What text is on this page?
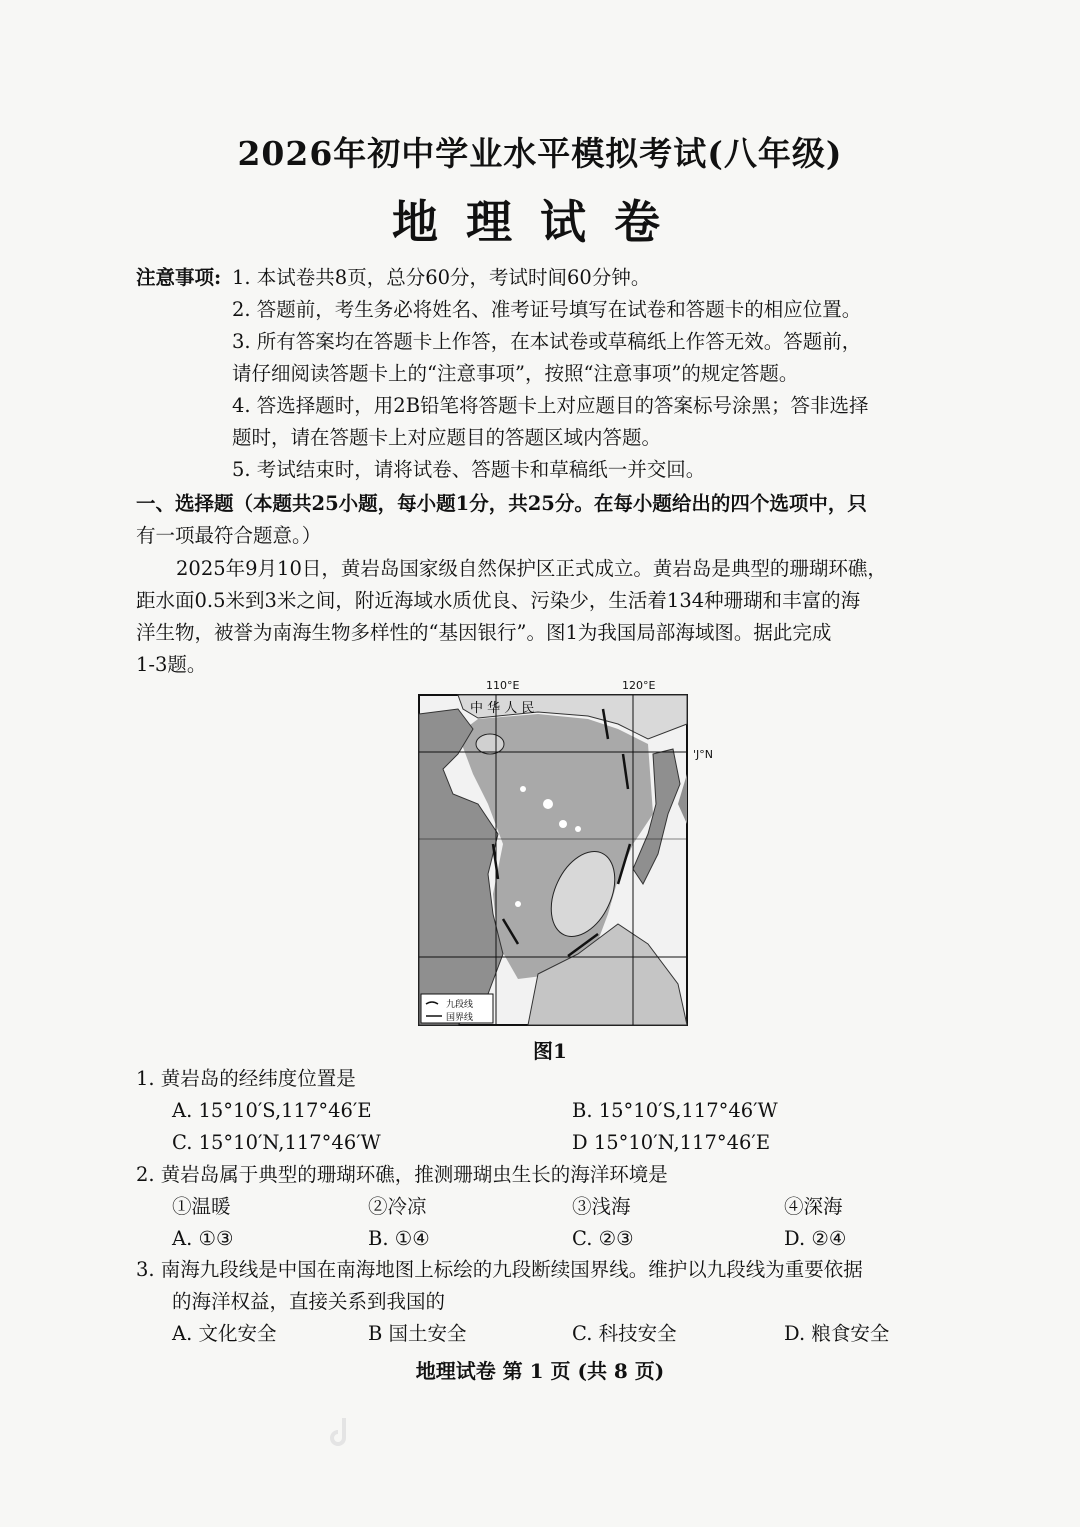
2026年初中学业水平模拟考试(八年级)
地理试卷
注意事项: 1. 本试卷共8页，总分60分，考试时间60分钟。
2. 答题前，考生务必将姓名、准考证号填写在试卷和答题卡的相应位置。
3. 所有答案均在答题卡上作答，在本试卷或草稿纸上作答无效。答题前，
请仔细阅读答题卡上的“注意事项”，按照“注意事项”的规定答题。
4. 答选择题时，用2B铅笔将答题卡上对应题目的答案标号涂黑；答非选择
题时，请在答题卡上对应题目的答题区域内答题。
5. 考试结束时，请将试卷、答题卡和草稿纸一并交回。
一、选择题（本题共25小题，每小题1分，共25分。在每小题给出的四个选项中，只
有一项最符合题意。）
2025年9月10日，黄岩岛国家级自然保护区正式成立。黄岩岛是典型的珊瑚环礁，
距水面0.5米到3米之间，附近海域水质优良、污染少，生活着134种珊瑚和丰富的海
洋生物，被誉为南海生物多样性的“基因银行”。图1为我国局部海域图。据此完成
1-3题。
110°E	120°E
'J°N
九段线
国界线
中 华 人 民
图1
1. 黄岩岛的经纬度位置是
A. 15°10′S,117°46′E	B. 15°10′S,117°46′W
C. 15°10′N,117°46′W	D 15°10′N,117°46′E
2. 黄岩岛属于典型的珊瑚环礁，推测珊瑚虫生长的海洋环境是
①温暖	②冷凉	③浅海	④深海
A. ①③	B. ①④	C. ②③	D. ②④
3. 南海九段线是中国在南海地图上标绘的九段断续国界线。维护以九段线为重要依据
的海洋权益，直接关系到我国的
A. 文化安全	B 国土安全	C. 科技安全	D. 粮食安全
地理试卷 第 1 页 (共 8 页)
